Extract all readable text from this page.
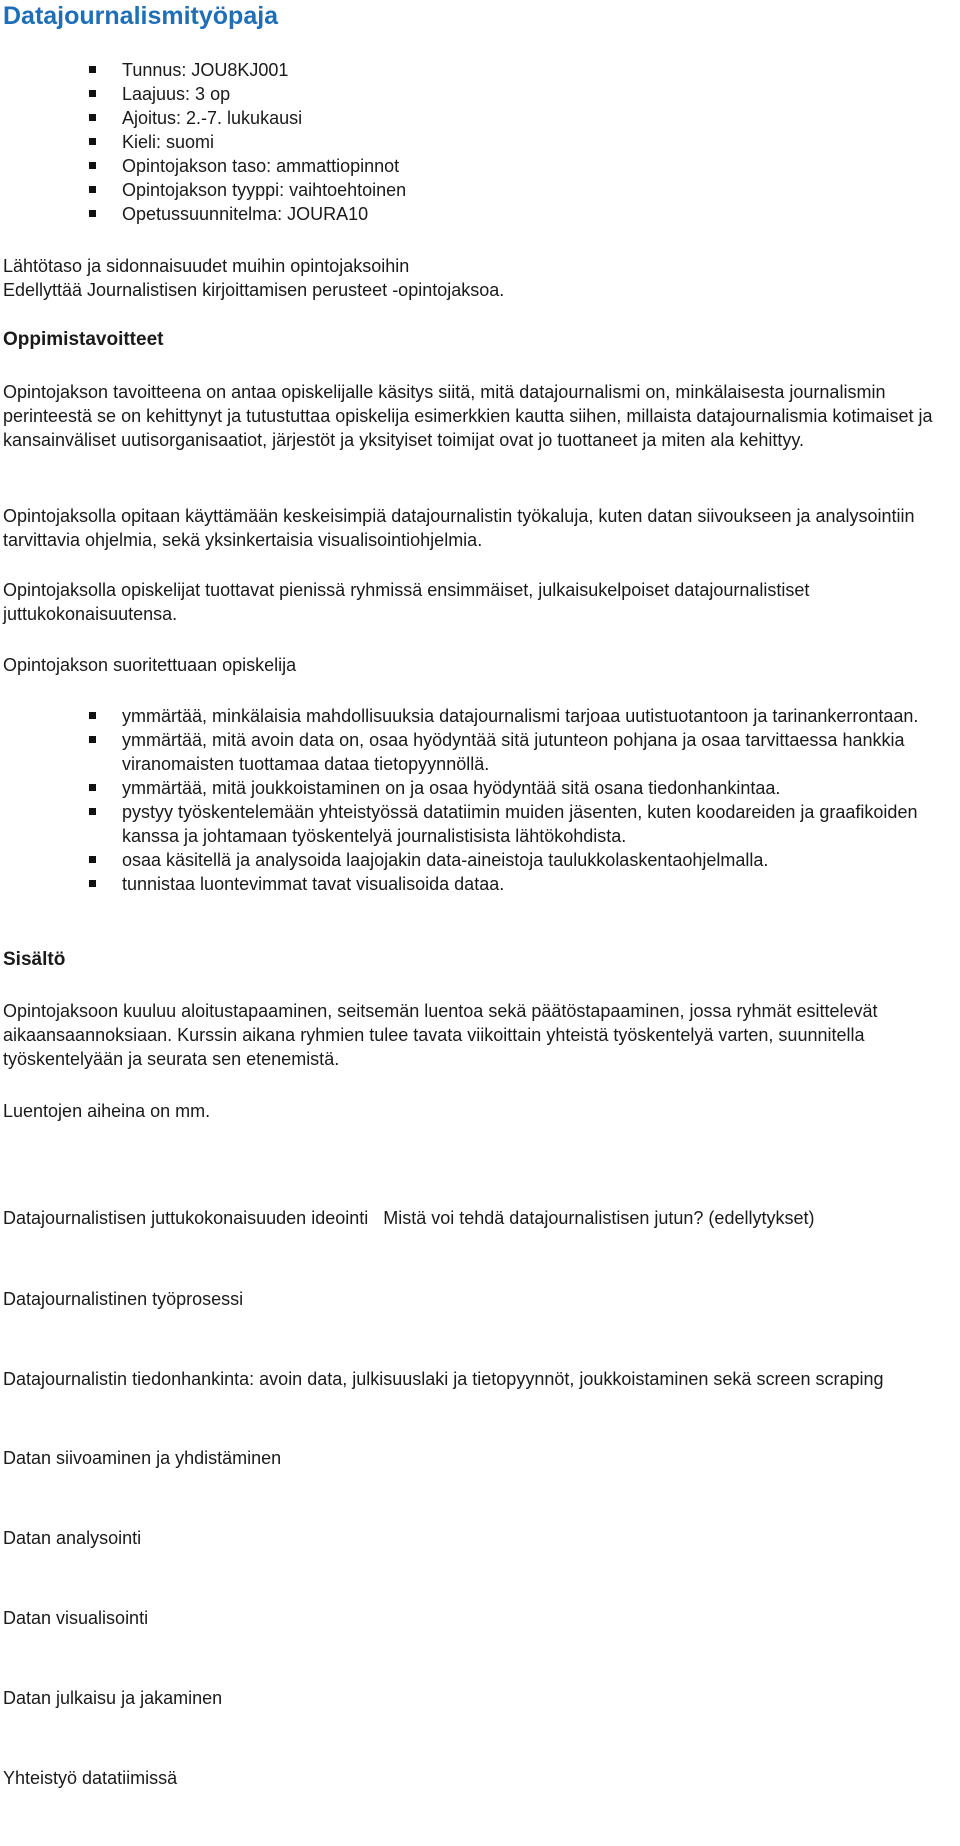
Datajournalismityöpaja
Tunnus: JOU8KJ001
Laajuus: 3 op
Ajoitus: 2.-7. lukukausi
Kieli: suomi
Opintojakson taso: ammattiopinnot
Opintojakson tyyppi: vaihtoehtoinen
Opetussuunnitelma: JOURA10
Lähtötaso ja sidonnaisuudet muihin opintojaksoihin
Edellyttää Journalistisen kirjoittamisen perusteet -opintojaksoa.
Oppimistavoitteet
Opintojakson tavoitteena on antaa opiskelijalle käsitys siitä, mitä datajournalismi on, minkälaisesta journalismin perinteestä se on kehittynyt ja tutustuttaa opiskelija esimerkkien kautta siihen, millaista datajournalismia kotimaiset ja kansainväliset uutisorganisaatiot, järjestöt ja yksityiset toimijat ovat jo tuottaneet ja miten ala kehittyy.
Opintojaksolla opitaan käyttämään keskeisimpiä datajournalistin työkaluja, kuten datan siivoukseen ja analysointiin tarvittavia ohjelmia, sekä yksinkertaisia visualisointiohjelmia.
Opintojaksolla opiskelijat tuottavat pienissä ryhmissä ensimmäiset, julkaisukelpoiset datajournalistiset juttukokonaisuutensa.
Opintojakson suoritettuaan opiskelija
ymmärtää, minkälaisia mahdollisuuksia datajournalismi tarjoaa uutistuotantoon ja tarinankerrontaan.
ymmärtää, mitä avoin data on, osaa hyödyntää sitä jutunteon pohjana ja osaa tarvittaessa hankkia viranomaisten tuottamaa dataa tietopyynnöllä.
ymmärtää, mitä joukkoistaminen on ja osaa hyödyntää sitä osana tiedonhankintaa.
pystyy työskentelemään yhteistyössä datatiimin muiden jäsenten, kuten koodareiden ja graafikoiden kanssa ja johtamaan työskentelyä journalistisista lähtökohdista.
osaa käsitellä ja analysoida laajojakin data-aineistoja taulukkolaskentaohjelmalla.
tunnistaa luontevimmat tavat visualisoida dataa.
Sisältö
Opintojaksoon kuuluu aloitustapaaminen, seitsemän luentoa sekä päätöstapaaminen, jossa ryhmät esittelevät aikaansaannoksiaan. Kurssin aikana ryhmien tulee tavata viikoittain yhteistä työskentelyä varten, suunnitella työskentelyään ja seurata sen etenemistä.
Luentojen aiheina on mm.

Datajournalistisen juttukokonaisuuden ideointi   Mistä voi tehdä datajournalistisen jutun? (edellytykset)

Datajournalistinen työprosessi

Datajournalistin tiedonhankinta: avoin data, julkisuuslaki ja tietopyynnöt, joukkoistaminen sekä screen scraping

Datan siivoaminen ja yhdistäminen

Datan analysointi

Datan visualisointi

Datan julkaisu ja jakaminen

Yhteistyö datatiimissä
